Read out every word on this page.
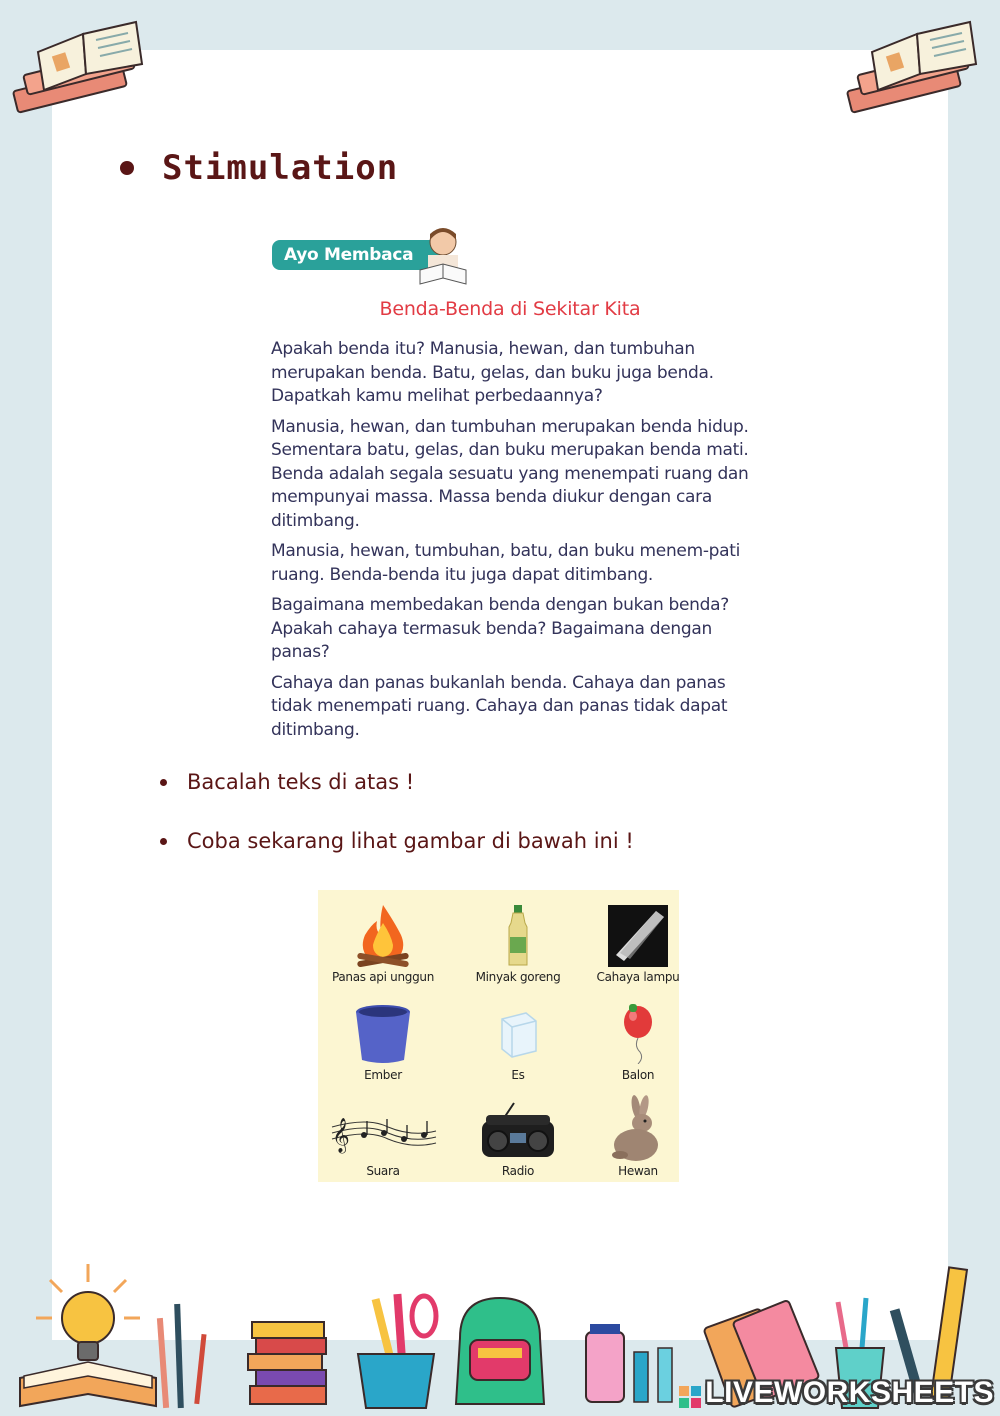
Stimulation
Ayo Membaca
Benda-Benda di Sekitar Kita

Apakah benda itu? Manusia, hewan, dan tumbuhan merupakan benda. Batu, gelas, dan buku juga benda. Dapatkah kamu melihat perbedaannya?

Manusia, hewan, dan tumbuhan merupakan benda hidup. Sementara batu, gelas, dan buku merupakan benda mati. Benda adalah segala sesuatu yang menempati ruang dan mempunyai massa. Massa benda diukur dengan cara ditimbang.

Manusia, hewan, tumbuhan, batu, dan buku menem-pati ruang. Benda-benda itu juga dapat ditimbang.

Bagaimana membedakan benda dengan bukan benda? Apakah cahaya termasuk benda? Bagaimana dengan panas?

Cahaya dan panas bukanlah benda. Cahaya dan panas tidak menempati ruang. Cahaya dan panas tidak dapat ditimbang.

Bacalah teks di atas !
Coba sekarang lihat gambar di bawah ini !
Panas api unggun	Minyak goreng	Cahaya lampu
Ember	Es	Balon
𝄞
Suara	Radio	Hewan
LIVEWORKSHEETS
